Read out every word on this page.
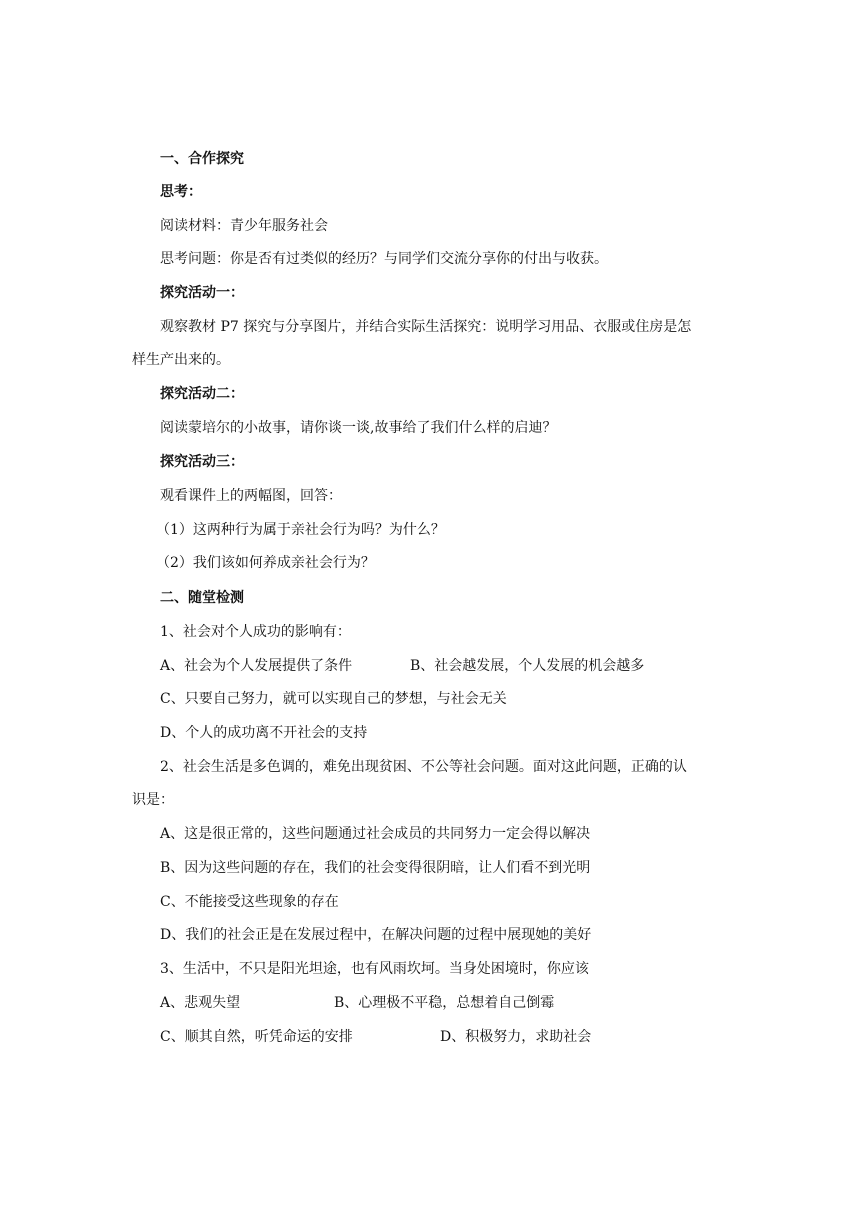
一、合作探究

思考：

阅读材料：青少年服务社会

思考问题：你是否有过类似的经历？与同学们交流分享你的付出与收获。

探究活动一：

观察教材 P7 探究与分享图片，并结合实际生活探究：说明学习用品、衣服或住房是怎

样生产出来的。

探究活动二：

阅读蒙培尔的小故事，请你谈一谈,故事给了我们什么样的启迪？

探究活动三：

观看课件上的两幅图，回答：

（1）这两种行为属于亲社会行为吗？为什么？

（2）我们该如何养成亲社会行为？

二、随堂检测

1、社会对个人成功的影响有：

A、社会为个人发展提供了条件	B、社会越发展，个人发展的机会越多

C、只要自己努力，就可以实现自己的梦想，与社会无关

D、个人的成功离不开社会的支持

2、社会生活是多色调的，难免出现贫困、不公等社会问题。面对这此问题，正确的认

识是：

A、这是很正常的，这些问题通过社会成员的共同努力一定会得以解决

B、因为这些问题的存在，我们的社会变得很阴暗，让人们看不到光明

C、不能接受这些现象的存在

D、我们的社会正是在发展过程中，在解决问题的过程中展现她的美好

3、生活中，不只是阳光坦途，也有风雨坎坷。当身处困境时，你应该

A、悲观失望	B、心理极不平稳，总想着自己倒霉
C、顺其自然，听凭命运的安排	D、积极努力，求助社会
